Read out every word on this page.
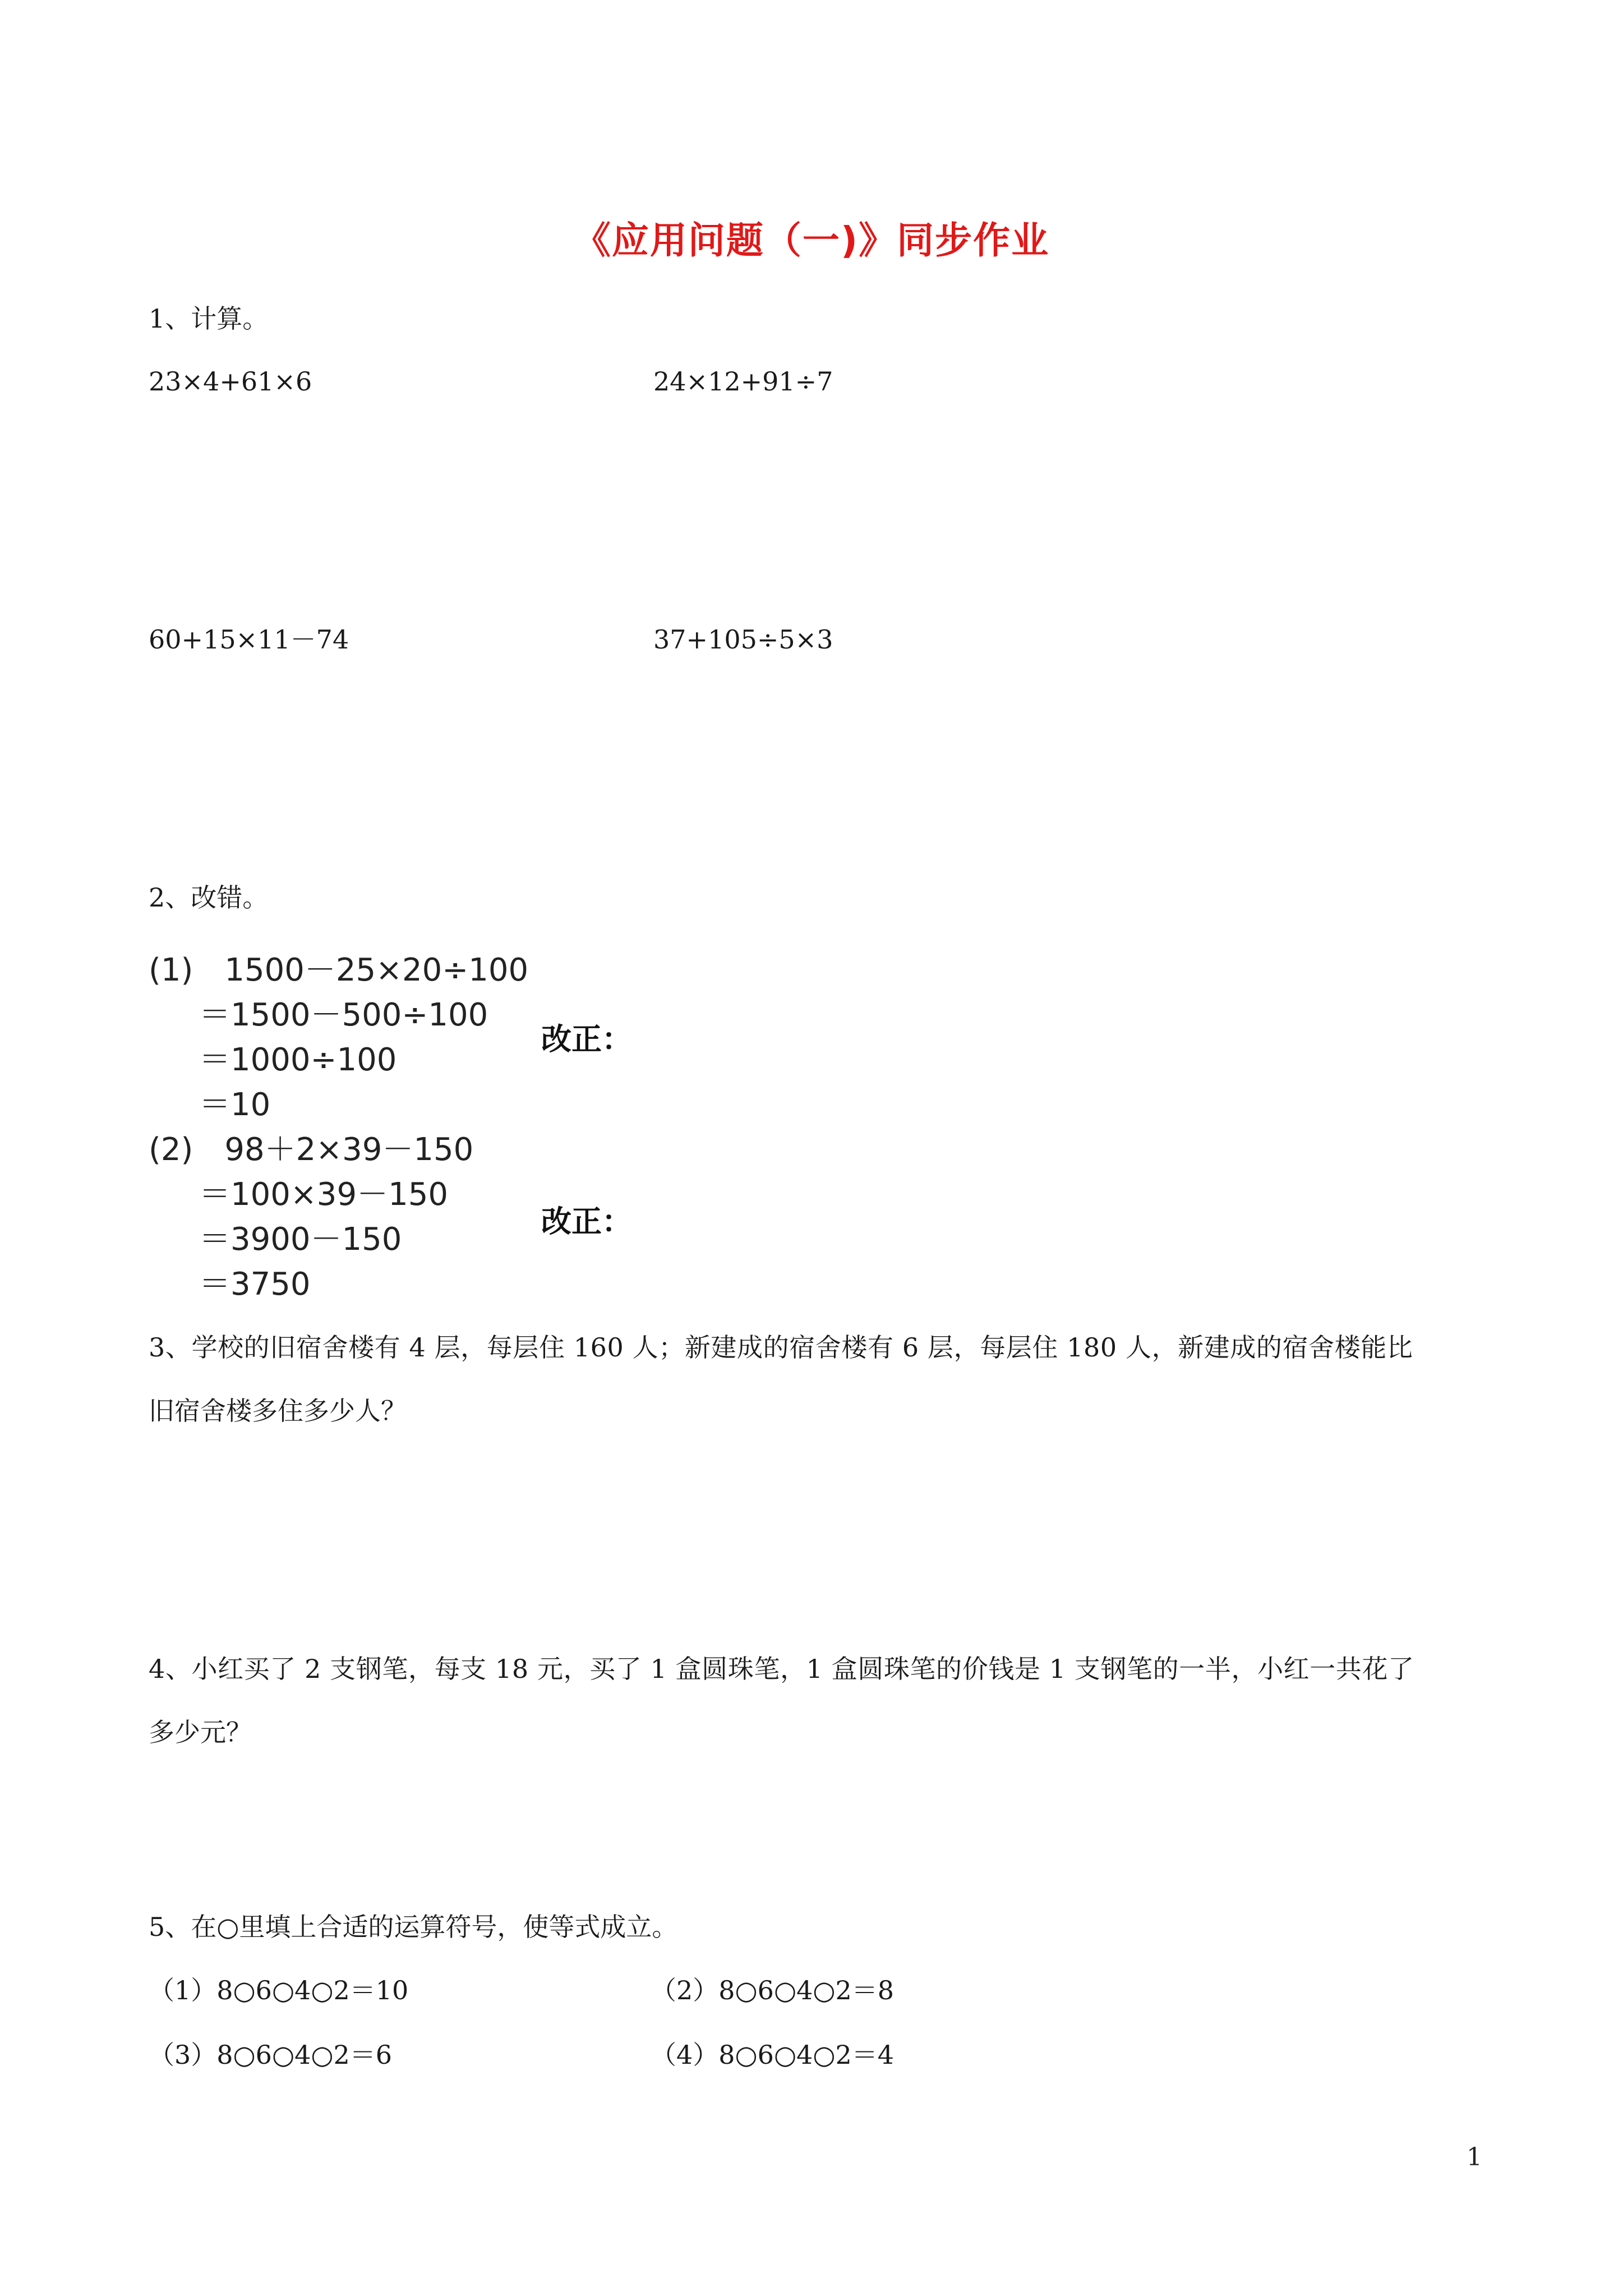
《应用问题（一)》同步作业
1、计算。
23×4+61×6	24×12+91÷7
60+15×11－74	37+105÷5×3
2、改错。
(1)　1500－25×20÷100
＝1500－500÷100
＝1000÷100
＝10
改正：
(2)　98＋2×39－150
＝100×39－150
＝3900－150
＝3750
改正：
3、学校的旧宿舍楼有 4 层，每层住 160 人；新建成的宿舍楼有 6 层，每层住 180 人，新建成的宿舍楼能比
旧宿舍楼多住多少人？
4、小红买了 2 支钢笔，每支 18 元，买了 1 盒圆珠笔，1 盒圆珠笔的价钱是 1 支钢笔的一半，小红一共花了
多少元？
5、在○里填上合适的运算符号，使等式成立。
（1）8○6○4○2＝10	（2）8○6○4○2＝8
（3）8○6○4○2＝6	（4）8○6○4○2＝4
1
